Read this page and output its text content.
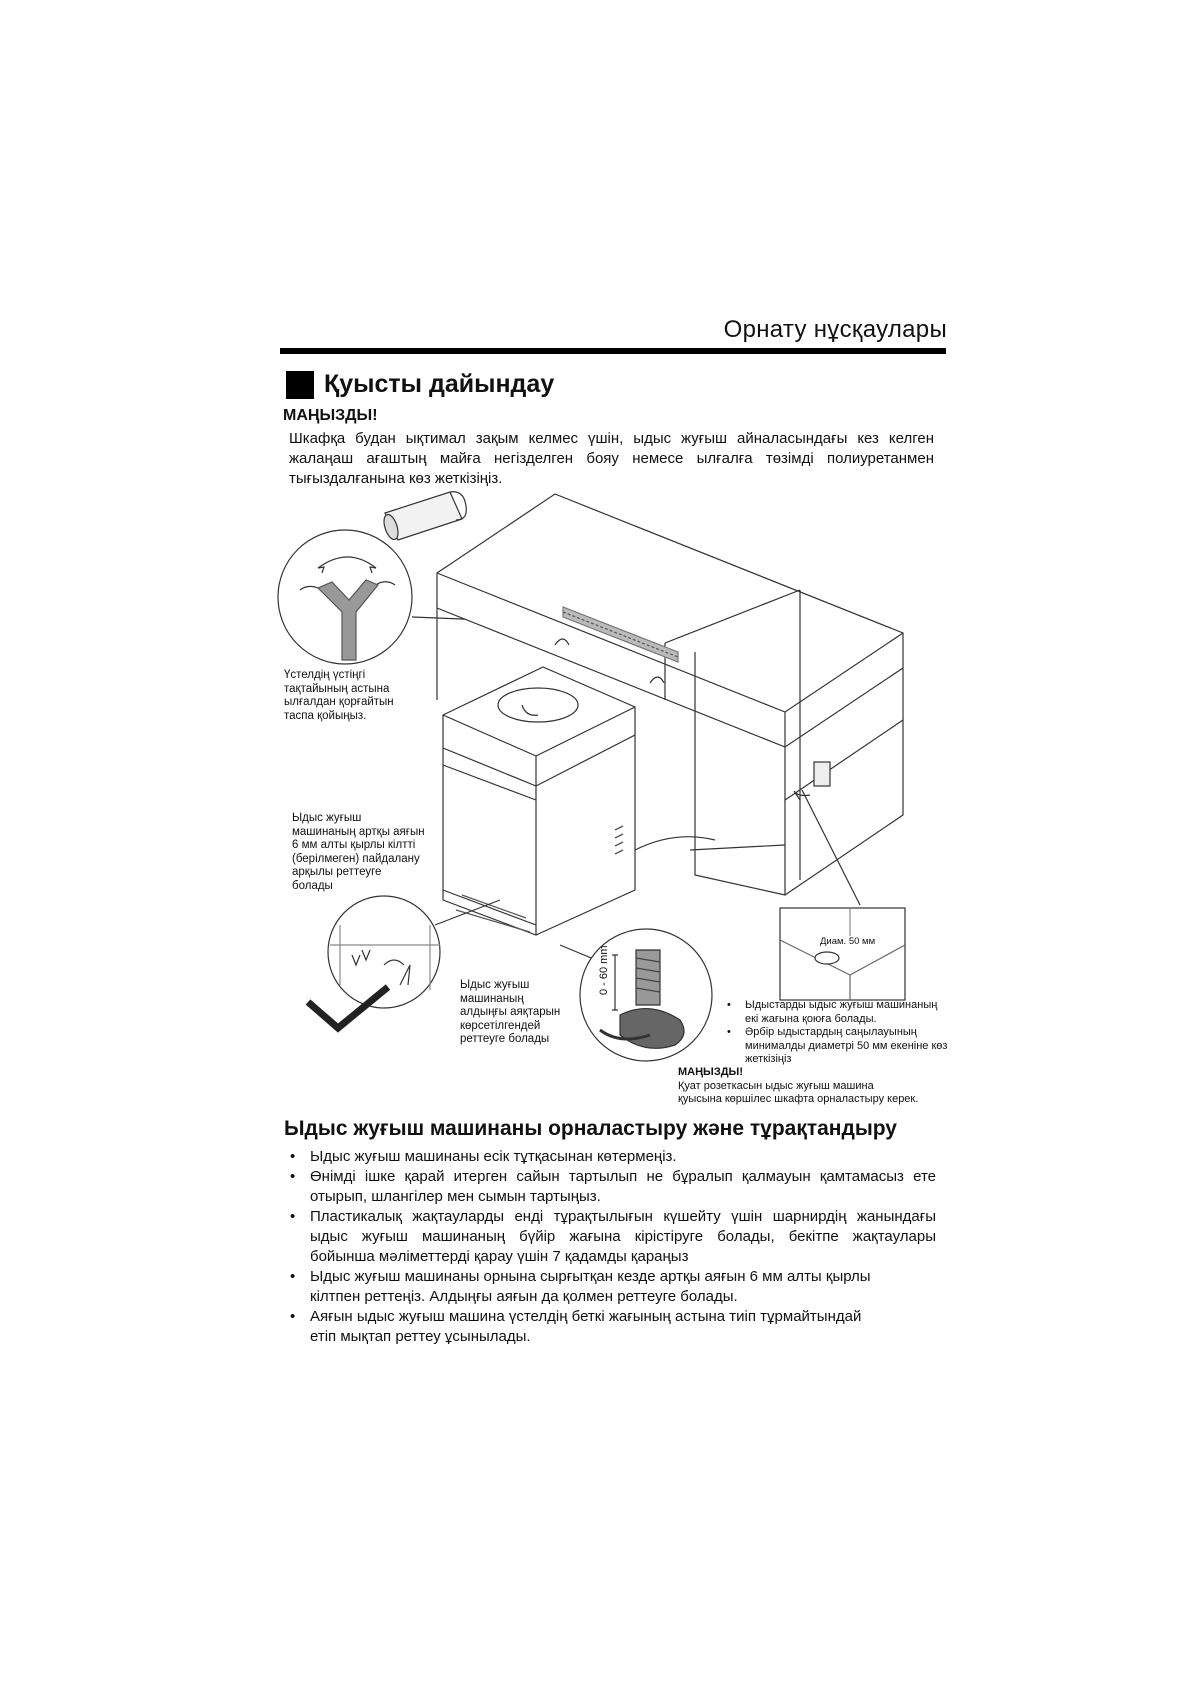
Орнату нұсқаулары
Қуысты дайындау
МАҢЫЗДЫ!
Шкафқа будан ықтимал зақым келмес үшін, ыдыс жуғыш айналасындағы кез келген
жалаңаш ағаштың майға негізделген бояу немесе ылғалға төзімді полиуретанмен
тығыздалғанына көз жеткізіңіз.
0 - 60 mm
Диам. 50 мм
Үстелдің үстіңгі
тақтайының астына
ылғалдан қорғайтын
таспа қойыңыз.
Ыдыс жуғыш
машинаның артқы аяғын
6 мм алты қырлы кілтті
(берілмеген) пайдалану
арқылы реттеуге
болады
Ыдыс жуғыш
машинаның
алдыңғы аяқтарын
көрсетілгендей
реттеуге болады
• Ыдыстарды ыдыс жуғыш машинаның
екі жағына қоюға болады.
• Әрбір ыдыстардың саңылауының
минималды диаметрі 50 мм екеніне көз
жеткізіңіз
МАҢЫЗДЫ!
Қуат розеткасын ыдыс жуғыш машина
қуысына көршілес шкафта орналастыру керек.
Ыдыс жуғыш машинаны орналастыру және тұрақтандыру
• Ыдыс жуғыш машинаны есік тұтқасынан көтермеңіз.
• Өнімді ішке қарай итерген сайын тартылып не бұралып қалмауын қамтамасыз ете
отырып, шлангілер мен сымын тартыңыз.
• Пластикалық жақтауларды енді тұрақтылығын күшейту үшін шарнирдің жанындағы
ыдыс жуғыш машинаның бүйір жағына кірістіруге болады, бекітпе жақтаулары
бойынша мәліметтерді қарау үшін 7 қадамды қараңыз
• Ыдыс жуғыш машинаны орнына сырғытқан кезде артқы аяғын 6 мм алты қырлы
кілтпен реттеңіз. Алдыңғы аяғын да қолмен реттеуге болады.
• Аяғын ыдыс жуғыш машина үстелдің беткі жағының астына тиіп тұрмайтындай
етіп мықтап реттеу ұсынылады.
